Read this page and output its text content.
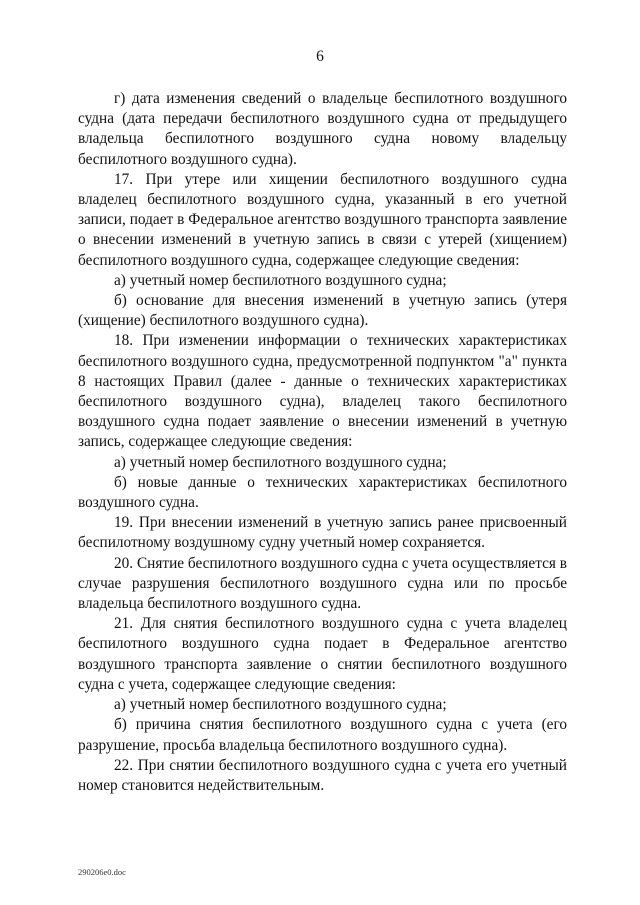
6

г) дата изменения сведений о владельце беспилотного воздушного судна (дата передачи беспилотного воздушного судна от предыдущего владельца беспилотного воздушного судна новому владельцу беспилотного воздушного судна).

17. При утере или хищении беспилотного воздушного судна владелец беспилотного воздушного судна, указанный в его учетной записи, подает в Федеральное агентство воздушного транспорта заявление о внесении изменений в учетную запись в связи с утерей (хищением) беспилотного воздушного судна, содержащее следующие сведения:

а) учетный номер беспилотного воздушного судна;

б) основание для внесения изменений в учетную запись (утеря (хищение) беспилотного воздушного судна).

18. При изменении информации о технических характеристиках беспилотного воздушного судна, предусмотренной подпунктом "а" пункта 8 настоящих Правил (далее - данные о технических характеристиках беспилотного воздушного судна), владелец такого беспилотного воздушного судна подает заявление о внесении изменений в учетную запись, содержащее следующие сведения:

а) учетный номер беспилотного воздушного судна;

б) новые данные о технических характеристиках беспилотного воздушного судна.

19. При внесении изменений в учетную запись ранее присвоенный беспилотному воздушному судну учетный номер сохраняется.

20. Снятие беспилотного воздушного судна с учета осуществляется в случае разрушения беспилотного воздушного судна или по просьбе владельца беспилотного воздушного судна.

21. Для снятия беспилотного воздушного судна с учета владелец беспилотного воздушного судна подает в Федеральное агентство воздушного транспорта заявление о снятии беспилотного воздушного судна с учета, содержащее следующие сведения:

а) учетный номер беспилотного воздушного судна;

б) причина снятия беспилотного воздушного судна с учета (его разрушение, просьба владельца беспилотного воздушного судна).

22. При снятии беспилотного воздушного судна с учета его учетный номер становится недействительным.

290206e0.doc
